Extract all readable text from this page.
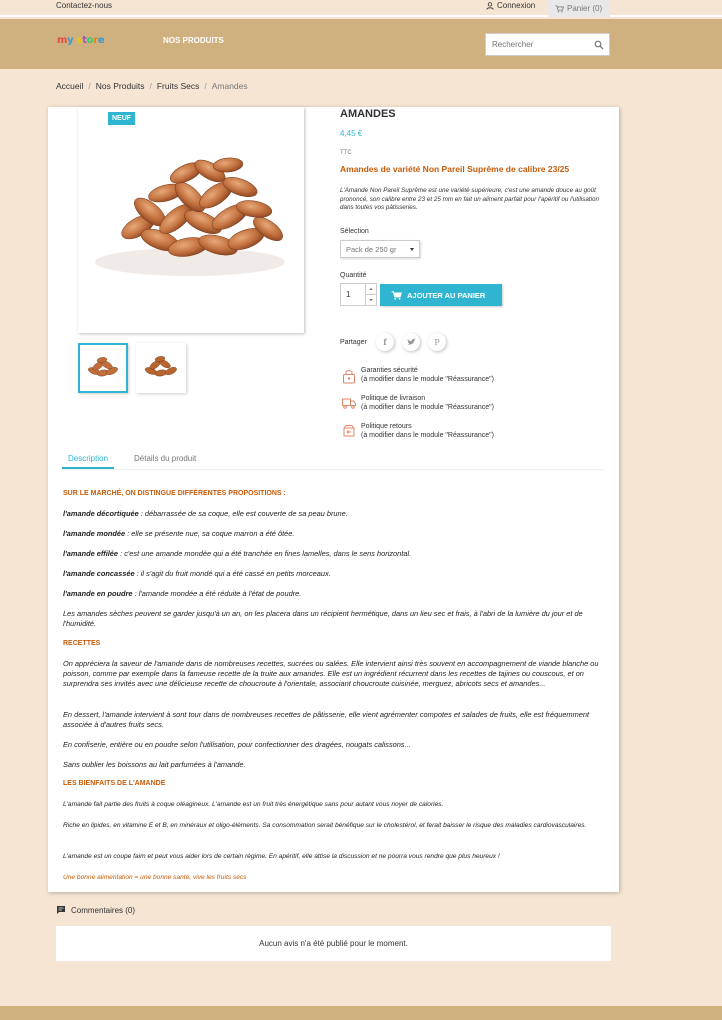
Contactez-nous	Connexion	Panier (0)
my store	NOS PRODUITS
Rechercher
Accueil / Nos Produits / Fruits Secs / Amandes
NEUF	AMANDES
4,45 €
TTC
Amandes de variété Non Pareil Suprême de calibre 23/25
L'Amande Non Pareil Suprême est une variété supérieure, c'est une amande douce au goût prononcé, son calibre entre 23 et 25 mm en fait un aliment parfait pour l'apéritif ou l'utilisation dans toutes vos pâtisseries.
Sélection
Pack de 250 gr
Quantité
1	AJOUTER AU PANIER
Partager f	P
Garanties sécurité
(à modifier dans le module "Réassurance")
Politique de livraison
(à modifier dans le module "Réassurance")
Politique retours
(à modifier dans le module "Réassurance")
Description	Détails du produit
SUR LE MARCHÉ, ON DISTINGUE DIFFÉRENTES PROPOSITIONS :
l'amande décortiquée : débarrassée de sa coque, elle est couverte de sa peau brune.
l'amande mondée : elle se présente nue, sa coque marron a été ôtée.
l'amande effilée : c'est une amande mondée qui a été tranchée en fines lamelles, dans le sens horizontal.
l'amande concassée : il s'agit du fruit mondé qui a été cassé en petits morceaux.
l'amande en poudre : l'amande mondée a été réduite à l'état de poudre.
Les amandes sèches peuvent se garder jusqu'à un an, on les placera dans un récipient hermétique, dans un lieu sec et frais, à l'abri de la lumière du jour et de l'humidité.
RECETTES
On appréciera la saveur de l'amande dans de nombreuses recettes, sucrées ou salées. Elle intervient ainsi très souvent en accompagnement de viande blanche ou poisson, comme par exemple dans la fameuse recette de la truite aux amandes. Elle est un ingrédient récurrent dans les recettes de tajines ou couscous, et on surprendra ses invités avec une délicieuse recette de choucroute à l'orientale, associant choucroute cuisinée, merguez, abricots secs et amandes...
En dessert, l'amande intervient à sont tour dans de nombreuses recettes de pâtisserie, elle vient agrémenter compotes et salades de fruits, elle est fréquemment associée à d'autres fruits secs.
En confiserie, entière ou en poudre selon l'utilisation, pour confectionner des dragées, nougats calissons...
Sans oublier les boissons au lait parfumées à l'amande.
LES BIENFAITS DE L'AMANDE
L'amande fait partie des fruits à coque oléagineux. L'amande est un fruit très énergétique sans pour autant vous noyer de calories.
Riche en lipides, en vitamine E et B, en minéraux et oligo-éléments. Sa consommation serait bénéfique sur le cholestérol, et ferait baisser le risque des maladies cardiovasculaires.
L'amande est un coupe faim et peut vous aider lors de certain régime. En apéritif, elle attise la discussion et ne pourra vous rendre que plus heureux !
Une bonne alimentation = une bonne santé, vive les fruits secs
Commentaires (0)
Aucun avis n'a été publié pour le moment.
